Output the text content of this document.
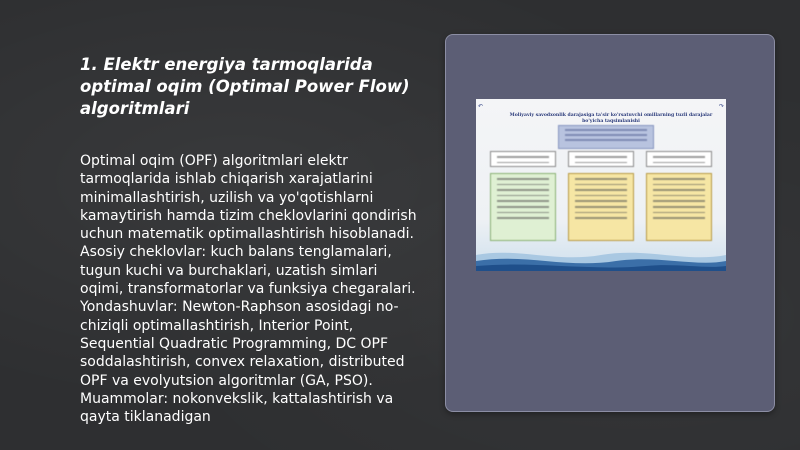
1. Elektr energiya tarmoqlarida optimal oqim (Optimal Power Flow) algoritmlari

Optimal oqim (OPF) algoritmlari elektr tarmoqlarida ishlab chiqarish xarajatlarini minimallashtirish, uzilish va yo'qotishlarni kamaytirish hamda tizim cheklovlarini qondirish uchun matematik optimallashtirish hisoblanadi. Asosiy cheklovlar: kuch balans tenglamalari, tugun kuchi va burchaklari, uzatish simlari oqimi, transformatorlar va funksiya chegaralari. Yondashuvlar: Newton-Raphson asosidagi no-chiziqli optimallashtirish, Interior Point, Sequential Quadratic Programming, DC OPF soddalashtirish, convex relaxation, distributed OPF va evolyutsion algoritmlar (GA, PSO). Muammolar: nokonvekslik, kattalashtirish va qayta tiklanadigan

↶	↷
Moliyaviy savodxonlik darajasiga ta'sir ko'rsatuvchi omillarning tuzli darajalar bo'yicha taqsimlanishi
